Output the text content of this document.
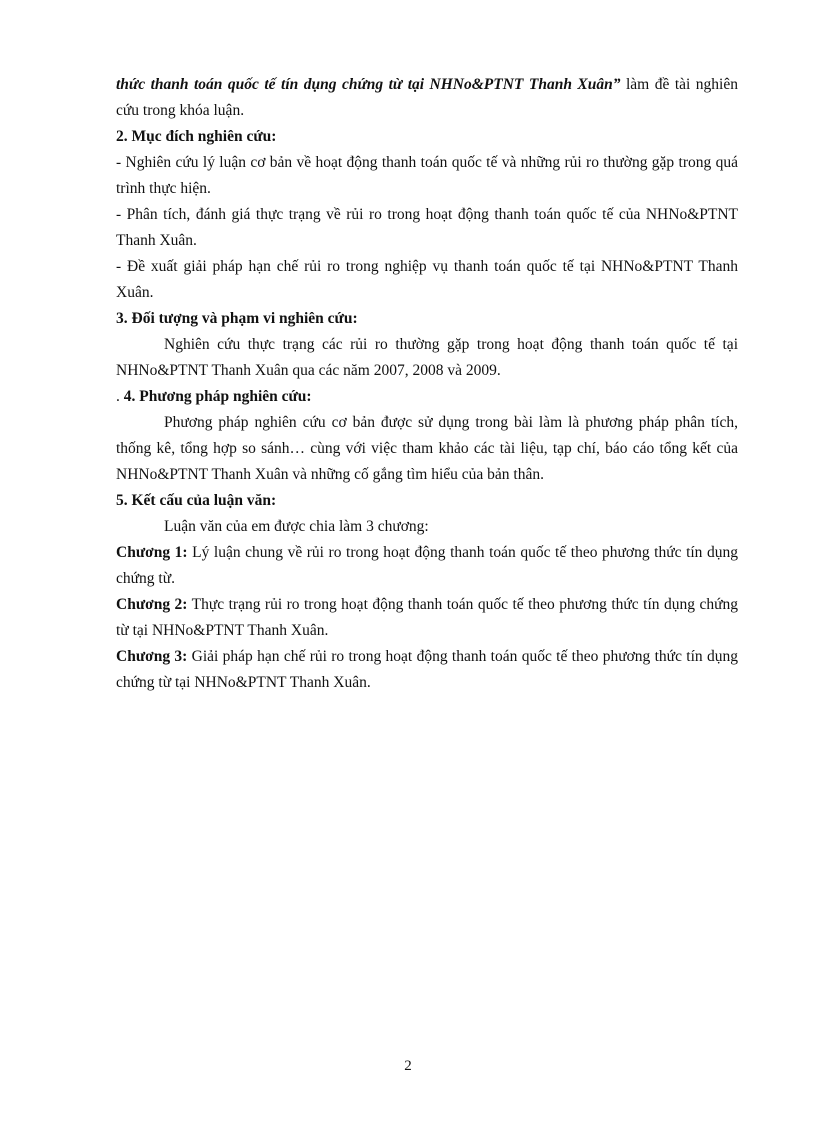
thức thanh toán quốc tế tín dụng chứng từ tại NHNo&PTNT Thanh Xuân” làm đề tài nghiên cứu trong khóa luận.

2. Mục đích nghiên cứu:

- Nghiên cứu lý luận cơ bản về hoạt động thanh toán quốc tế và những rủi ro thường gặp trong quá trình thực hiện.

- Phân tích, đánh giá thực trạng về rủi ro trong hoạt động thanh toán quốc tế của NHNo&PTNT Thanh Xuân.

- Đề xuất giải pháp hạn chế rủi ro trong nghiệp vụ thanh toán quốc tế tại NHNo&PTNT Thanh Xuân.

3. Đối tượng và phạm vi nghiên cứu:

Nghiên cứu thực trạng các rủi ro thường gặp trong hoạt động thanh toán quốc tế tại NHNo&PTNT Thanh Xuân qua các năm 2007, 2008 và 2009.

. 4. Phương pháp nghiên cứu:

Phương pháp nghiên cứu cơ bản được sử dụng trong bài làm là phương pháp phân tích, thống kê, tổng hợp so sánh… cùng với việc tham khảo các tài liệu, tạp chí, báo cáo tổng kết của NHNo&PTNT Thanh Xuân và những cố gắng tìm hiểu của bản thân.

5. Kết cấu của luận văn:

Luận văn của em được chia làm 3 chương:

Chương 1: Lý luận chung về rủi ro trong hoạt động thanh toán quốc tế theo phương thức tín dụng chứng từ.

Chương 2: Thực trạng rủi ro trong hoạt động thanh toán quốc tế theo phương thức tín dụng chứng từ tại NHNo&PTNT Thanh Xuân.

Chương 3: Giải pháp hạn chế rủi ro trong hoạt động thanh toán quốc tế theo phương thức tín dụng chứng từ tại NHNo&PTNT Thanh Xuân.

2
